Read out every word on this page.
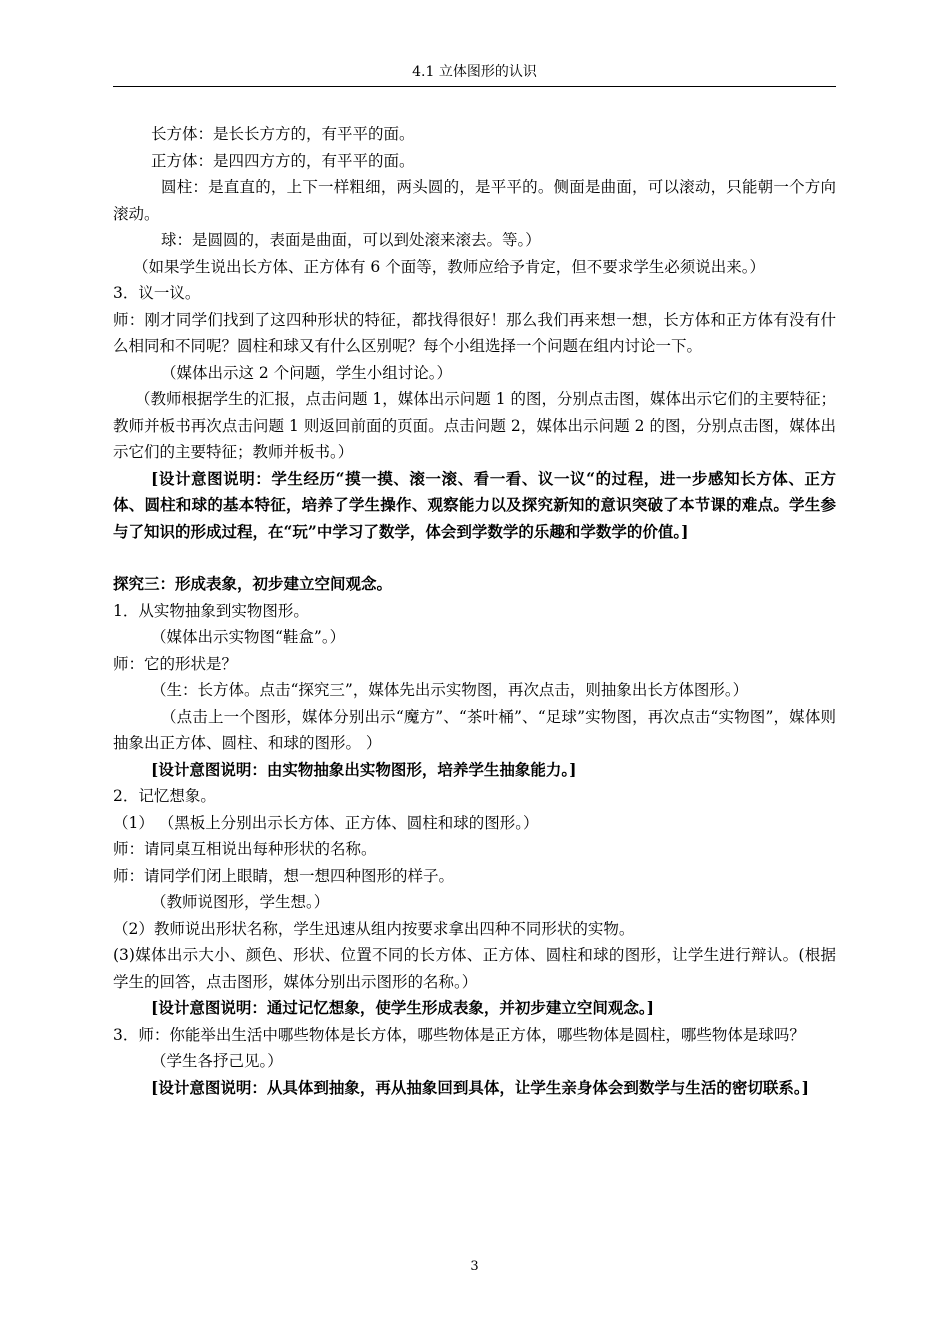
4.1 立体图形的认识

长方体：是长长方方的，有平平的面。

正方体：是四四方方的，有平平的面。

圆柱：是直直的，上下一样粗细，两头圆的，是平平的。侧面是曲面，可以滚动，只能朝一个方向滚动。

球：是圆圆的，表面是曲面，可以到处滚来滚去。等。）

（如果学生说出长方体、正方体有 6 个面等，教师应给予肯定，但不要求学生必须说出来。）

3．议一议。

师：刚才同学们找到了这四种形状的特征，都找得很好！那么我们再来想一想，长方体和正方体有没有什么相同和不同呢？圆柱和球又有什么区别呢？每个小组选择一个问题在组内讨论一下。

（媒体出示这 2 个问题，学生小组讨论。）

（教师根据学生的汇报，点击问题 1，媒体出示问题 1 的图，分别点击图，媒体出示它们的主要特征；教师并板书再次点击问题 1 则返回前面的页面。点击问题 2，媒体出示问题 2 的图，分别点击图，媒体出示它们的主要特征；教师并板书。）

[设计意图说明：学生经历“摸一摸、滚一滚、看一看、议一议“的过程，进一步感知长方体、正方体、圆柱和球的基本特征，培养了学生操作、观察能力以及探究新知的意识突破了本节课的难点。学生参与了知识的形成过程，在“玩”中学习了数学，体会到学数学的乐趣和学数学的价值。]

探究三：形成表象，初步建立空间观念。

1．从实物抽象到实物图形。

（媒体出示实物图“鞋盒”。）

师：它的形状是？

（生：长方体。点击“探究三”，媒体先出示实物图，再次点击，则抽象出长方体图形。）

（点击上一个图形，媒体分别出示“魔方”、“茶叶桶”、“足球”实物图，再次点击“实物图”，媒体则抽象出正方体、圆柱、和球的图形。 ）

[设计意图说明：由实物抽象出实物图形，培养学生抽象能力。]

2．记忆想象。

（1） （黑板上分别出示长方体、正方体、圆柱和球的图形。）

师：请同桌互相说出每种形状的名称。

师：请同学们闭上眼睛，想一想四种图形的样子。

（教师说图形，学生想。）

（2）教师说出形状名称，学生迅速从组内按要求拿出四种不同形状的实物。

(3)媒体出示大小、颜色、形状、位置不同的长方体、正方体、圆柱和球的图形，让学生进行辩认。(根据学生的回答，点击图形，媒体分别出示图形的名称。）

[设计意图说明：通过记忆想象，使学生形成表象，并初步建立空间观念。]

3．师：你能举出生活中哪些物体是长方体，哪些物体是正方体，哪些物体是圆柱，哪些物体是球吗？

（学生各抒己见。）

[设计意图说明：从具体到抽象，再从抽象回到具体，让学生亲身体会到数学与生活的密切联系。]

3
